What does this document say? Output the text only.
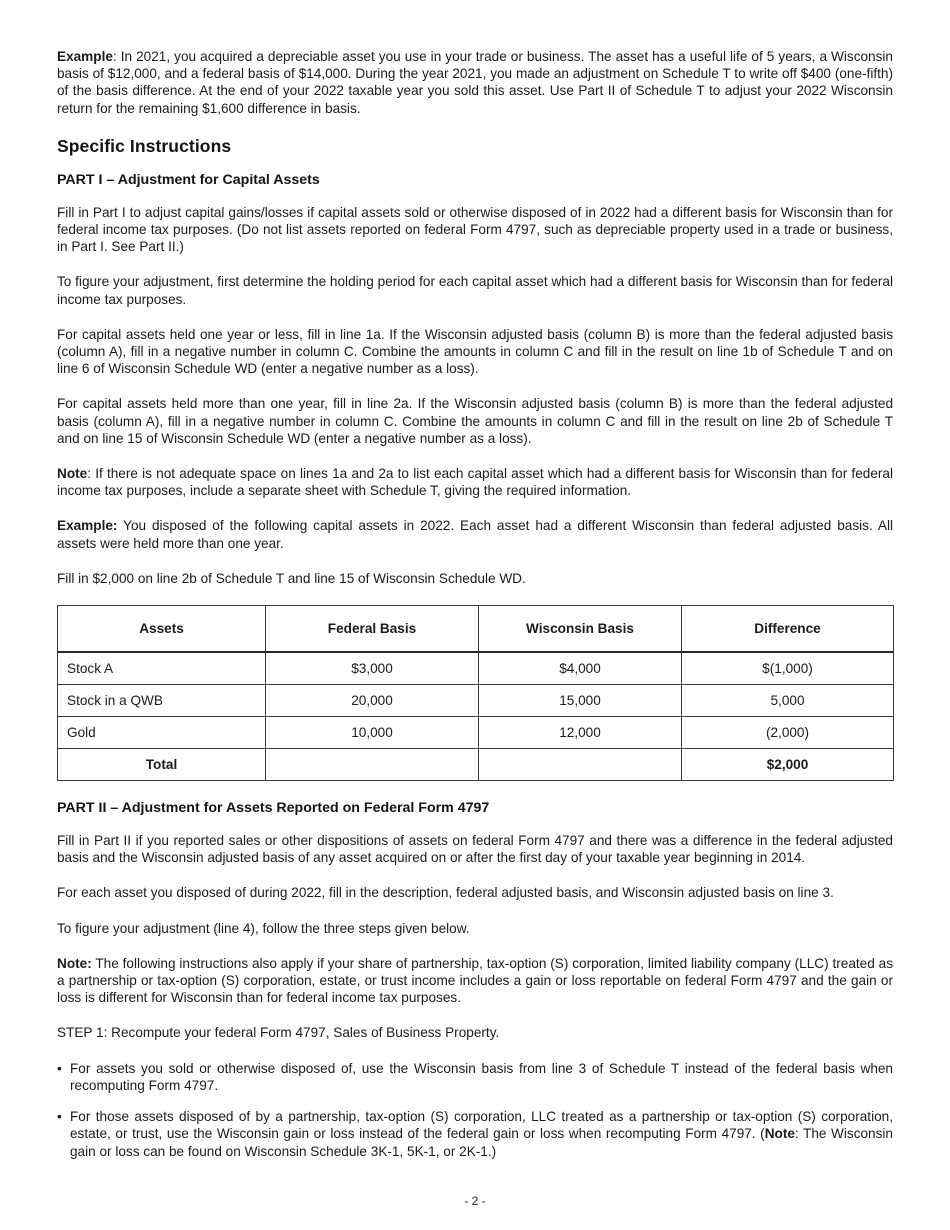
Example: In 2021, you acquired a depreciable asset you use in your trade or business. The asset has a useful life of 5 years, a Wisconsin basis of $12,000, and a federal basis of $14,000. During the year 2021, you made an adjustment on Schedule T to write off $400 (one-fifth) of the basis difference. At the end of your 2022 taxable year you sold this asset. Use Part II of Schedule T to adjust your 2022 Wisconsin return for the remaining $1,600 difference in basis.

Specific Instructions
PART I – Adjustment for Capital Assets

Fill in Part I to adjust capital gains/losses if capital assets sold or otherwise disposed of in 2022 had a different basis for Wisconsin than for federal income tax purposes. (Do not list assets reported on federal Form 4797, such as depreciable property used in a trade or business, in Part I. See Part II.)

To figure your adjustment, first determine the holding period for each capital asset which had a different basis for Wisconsin than for federal income tax purposes.

For capital assets held one year or less, fill in line 1a. If the Wisconsin adjusted basis (column B) is more than the federal adjusted basis (column A), fill in a negative number in column C. Combine the amounts in column C and fill in the result on line 1b of Schedule T and on line 6 of Wisconsin Schedule WD (enter a negative number as a loss).

For capital assets held more than one year, fill in line 2a. If the Wisconsin adjusted basis (column B) is more than the federal adjusted basis (column A), fill in a negative number in column C. Combine the amounts in column C and fill in the result on line 2b of Schedule T and on line 15 of Wisconsin Schedule WD (enter a negative number as a loss).

Note: If there is not adequate space on lines 1a and 2a to list each capital asset which had a different basis for Wisconsin than for federal income tax purposes, include a separate sheet with Schedule T, giving the required information.

Example: You disposed of the following capital assets in 2022. Each asset had a different Wisconsin than federal adjusted basis. All assets were held more than one year.

Fill in $2,000 on line 2b of Schedule T and line 15 of Wisconsin Schedule WD.

Assets	Federal Basis	Wisconsin Basis	Difference
Stock A	$3,000	$4,000	$(1,000)
Stock in a QWB	20,000	15,000	5,000
Gold	10,000	12,000	(2,000)
Total			$2,000
PART II – Adjustment for Assets Reported on Federal Form 4797

Fill in Part II if you reported sales or other dispositions of assets on federal Form 4797 and there was a difference in the federal adjusted basis and the Wisconsin adjusted basis of any asset acquired on or after the first day of your taxable year beginning in 2014.

For each asset you disposed of during 2022, fill in the description, federal adjusted basis, and Wisconsin adjusted basis on line 3.

To figure your adjustment (line 4), follow the three steps given below.

Note: The following instructions also apply if your share of partnership, tax-option (S) corporation, limited liability company (LLC) treated as a partnership or tax-option (S) corporation, estate, or trust income includes a gain or loss reportable on federal Form 4797 and the gain or loss is different for Wisconsin than for federal income tax purposes.

STEP 1: Recompute your federal Form 4797, Sales of Business Property.

• For assets you sold or otherwise disposed of, use the Wisconsin basis from line 3 of Schedule T instead of the federal basis when recomputing Form 4797.
• For those assets disposed of by a partnership, tax-option (S) corporation, LLC treated as a partnership or tax-option (S) corporation, estate, or trust, use the Wisconsin gain or loss instead of the federal gain or loss when recomputing Form 4797. (Note: The Wisconsin gain or loss can be found on Wisconsin Schedule 3K-1, 5K-1, or 2K-1.)
- 2 -
